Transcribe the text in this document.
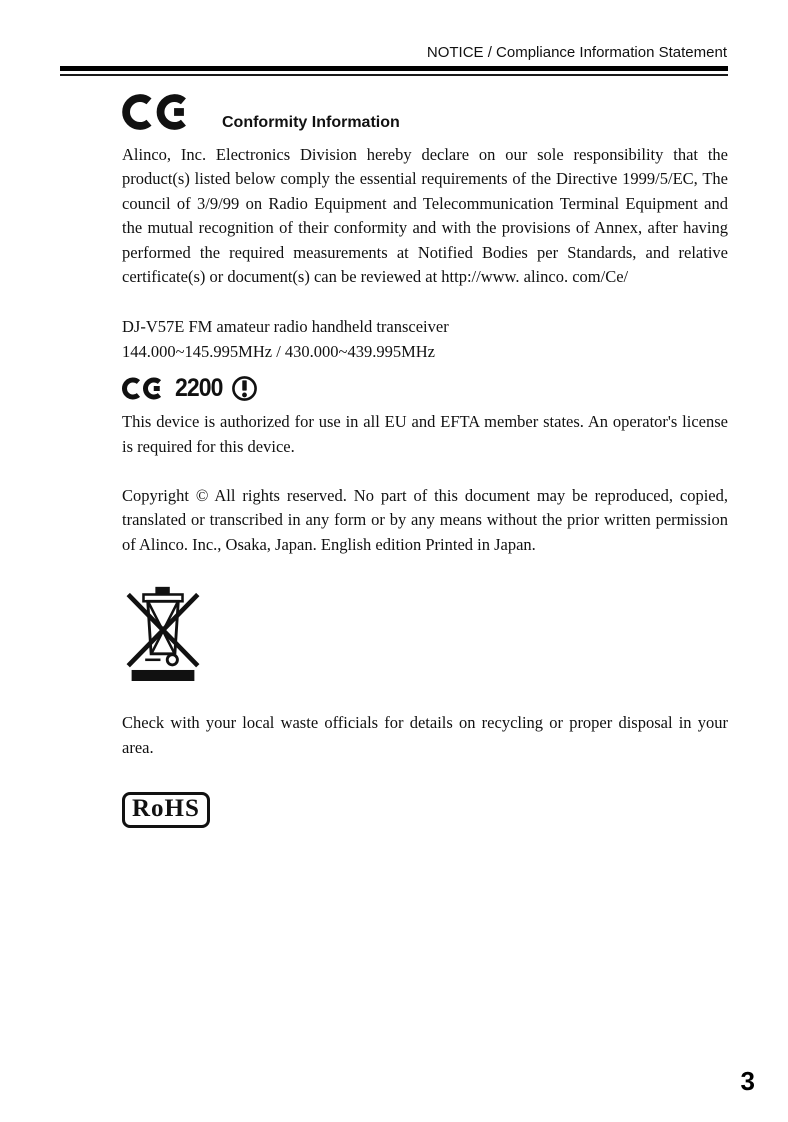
NOTICE / Compliance Information Statement
Conformity Information

Alinco, Inc. Electronics Division hereby declare on our sole responsibility that the product(s) listed below comply the essential requirements of the Directive 1999/5/EC, The council of 3/9/99 on Radio Equipment and Telecommunication Terminal Equipment and the mutual recognition of their conformity and with the provisions of Annex, after having performed the required measurements at Notified Bodies per Standards, and relative certificate(s) or document(s) can be reviewed at http://www. alinco. com/Ce/

DJ-V57E FM amateur radio handheld transceiver
144.000~145.995MHz / 430.000~439.995MHz
2200

This device is authorized for use in all EU and EFTA member states. An operator's license is required for this device.

Copyright © All rights reserved. No part of this document may be reproduced, copied, translated or transcribed in any form or by any means without the prior written permission of Alinco. Inc., Osaka, Japan. English edition Printed in Japan.

Check with your local waste officials for details on recycling or proper disposal in your area.

RoHS
3
